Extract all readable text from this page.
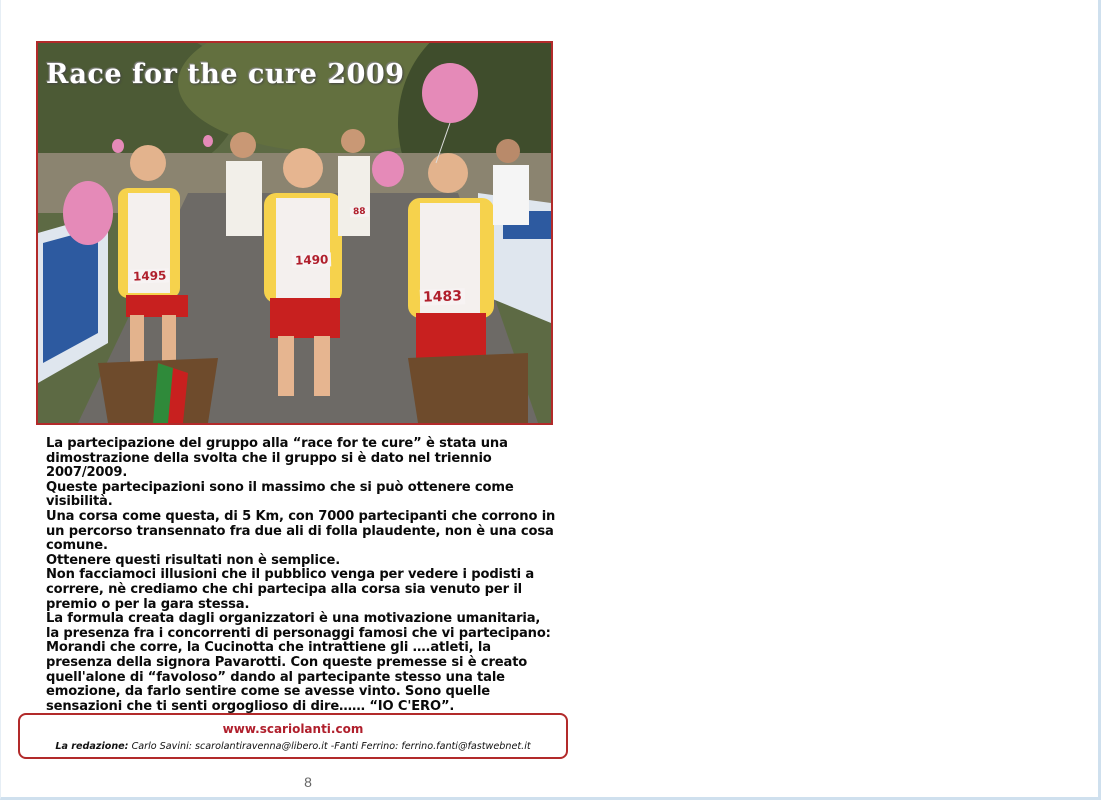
Race for the cure 2009
1495
1490
1483
88

La partecipazione del gruppo alla “race for te cure” è stata una dimostrazione della svolta che il gruppo si è dato nel triennio 2007/2009.

Queste partecipazioni sono il massimo che si può ottenere come visibilità.

Una corsa come questa, di 5 Km, con 7000 partecipanti che corrono in un percorso transennato fra due ali di folla plaudente, non è una cosa comune.

Ottenere questi risultati non è semplice.

Non facciamoci illusioni che il pubblico venga per vedere i podisti a correre, nè crediamo che chi partecipa alla corsa sia venuto per il premio o per la gara stessa.

La formula creata dagli organizzatori è una motivazione umanitaria, la presenza fra i concorrenti di personaggi famosi che vi partecipano: Morandi che corre, la Cucinotta che intrattiene gli ….atleti, la presenza della signora Pavarotti. Con queste premesse si è creato quell'alone di “favoloso” dando al partecipante stesso una tale emozione, da farlo sentire come se avesse vinto. Sono quelle sensazioni che ti senti orgoglioso di dire…… “IO C'ERO”.

www.scariolanti.com
La redazione: Carlo Savini: scarolantiravenna@libero.it -Fanti Ferrino: ferrino.fanti@fastwebnet.it
8
